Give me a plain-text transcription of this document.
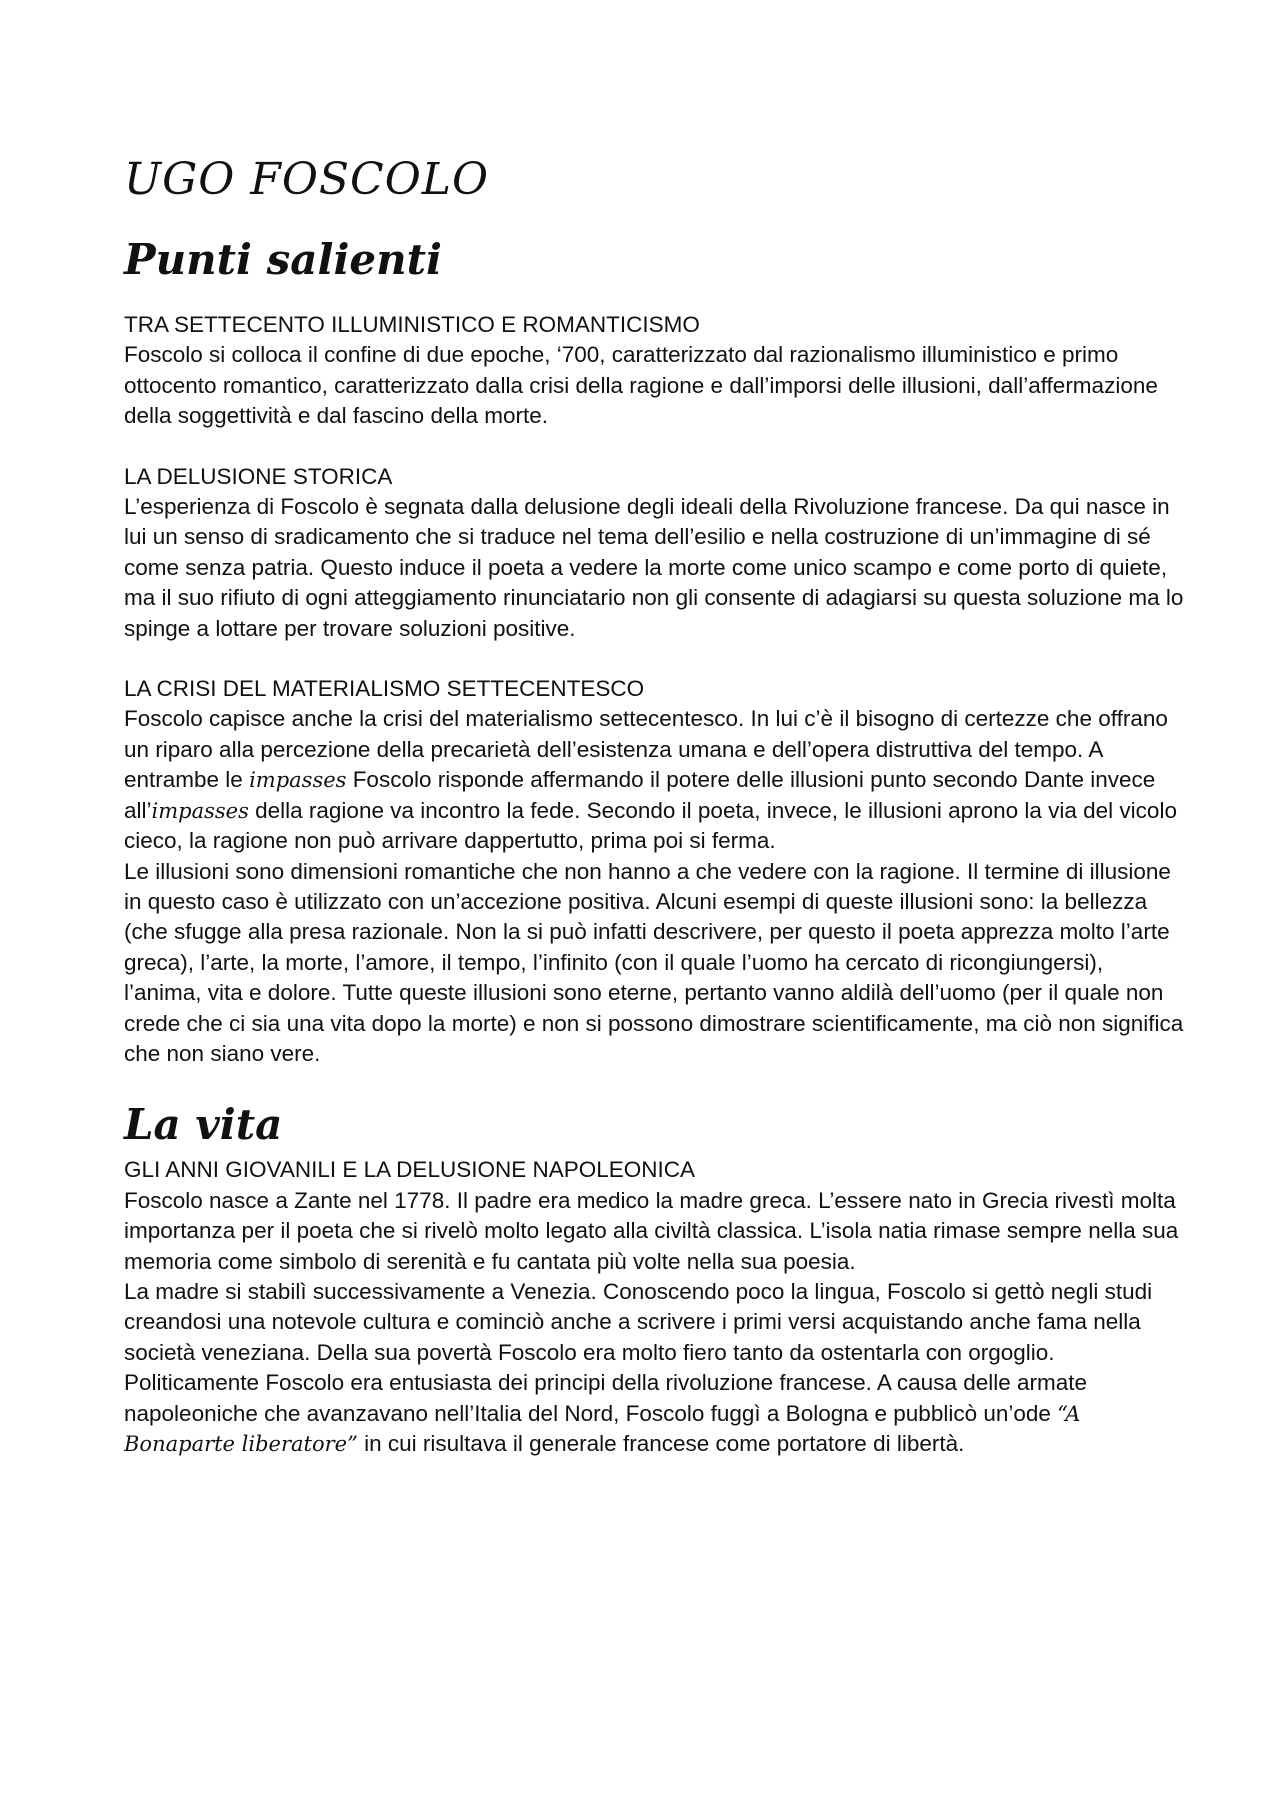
UGO FOSCOLO
Punti salienti
TRA SETTECENTO ILLUMINISTICO E ROMANTICISMO
Foscolo si colloca il confine di due epoche, ‘700, caratterizzato dal razionalismo illuministico e primo ottocento romantico, caratterizzato dalla crisi della ragione e dall’imporsi delle illusioni, dall’affermazione della soggettività e dal fascino della morte.
LA DELUSIONE STORICA
L’esperienza di Foscolo è segnata dalla delusione degli ideali della Rivoluzione francese. Da qui nasce in lui un senso di sradicamento che si traduce nel tema dell’esilio e nella costruzione di un’immagine di sé come senza patria. Questo induce il poeta a vedere la morte come unico scampo e come porto di quiete, ma il suo rifiuto di ogni atteggiamento rinunciatario non gli consente di adagiarsi su questa soluzione ma lo spinge a lottare per trovare soluzioni positive.
LA CRISI DEL MATERIALISMO SETTECENTESCO
Foscolo capisce anche la crisi del materialismo settecentesco. In lui c’è il bisogno di certezze che offrano un riparo alla percezione della precarietà dell’esistenza umana e dell’opera distruttiva del tempo. A entrambe le impasses Foscolo risponde affermando il potere delle illusioni punto secondo Dante invece all’impasses della ragione va incontro la fede. Secondo il poeta, invece, le illusioni aprono la via del vicolo cieco, la ragione non può arrivare dappertutto, prima poi si ferma.
Le illusioni sono dimensioni romantiche che non hanno a che vedere con la ragione. Il termine di illusione in questo caso è utilizzato con un’accezione positiva. Alcuni esempi di queste illusioni sono: la bellezza (che sfugge alla presa razionale. Non la si può infatti descrivere, per questo il poeta apprezza molto l’arte greca), l’arte, la morte, l’amore, il tempo, l’infinito (con il quale l’uomo ha cercato di ricongiungersi), l’anima, vita e dolore. Tutte queste illusioni sono eterne, pertanto vanno aldilà dell’uomo (per il quale non crede che ci sia una vita dopo la morte) e non si possono dimostrare scientificamente, ma ciò non significa che non siano vere.
La vita
GLI ANNI GIOVANILI E LA DELUSIONE NAPOLEONICA
Foscolo nasce a Zante nel 1778. Il padre era medico la madre greca. L’essere nato in Grecia rivestì molta importanza per il poeta che si rivelò molto legato alla civiltà classica. L’isola natia rimase sempre nella sua memoria come simbolo di serenità e fu cantata più volte nella sua poesia.
La madre si stabilì successivamente a Venezia. Conoscendo poco la lingua, Foscolo si gettò negli studi creandosi una notevole cultura e cominciò anche a scrivere i primi versi acquistando anche fama nella società veneziana. Della sua povertà Foscolo era molto fiero tanto da ostentarla con orgoglio.
Politicamente Foscolo era entusiasta dei principi della rivoluzione francese. A causa delle armate napoleoniche che avanzavano nell’Italia del Nord, Foscolo fuggì a Bologna e pubblicò un’ode “A Bonaparte liberatore” in cui risultava il generale francese come portatore di libertà.
